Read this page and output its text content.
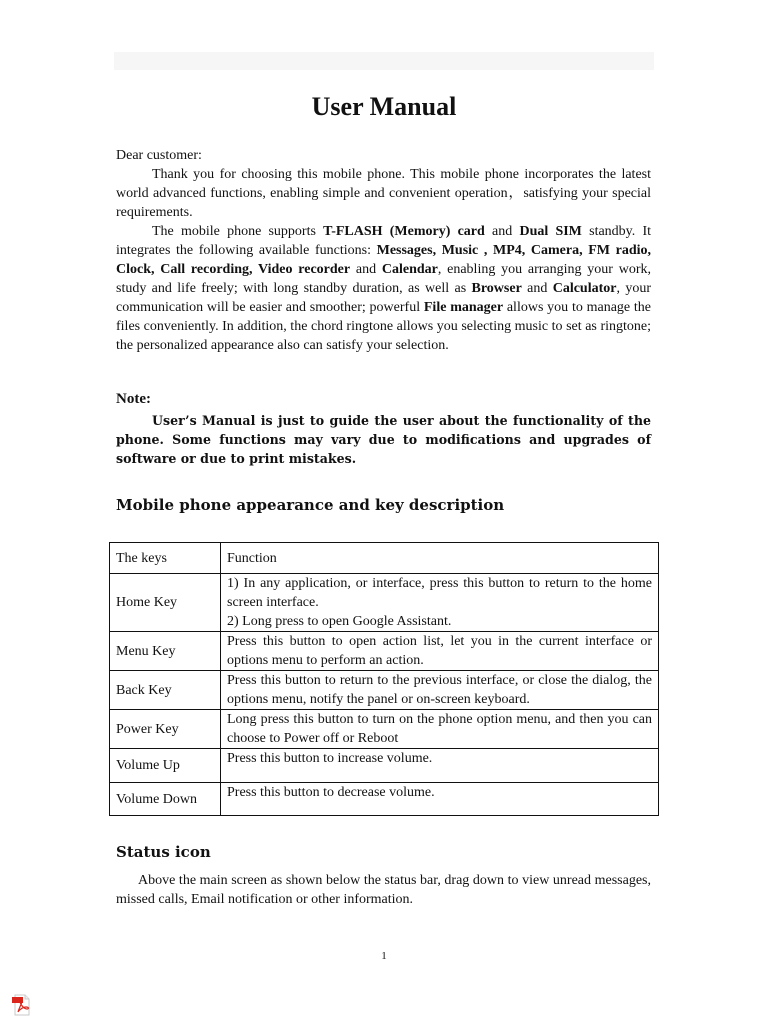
User Manual

Dear customer:

Thank you for choosing this mobile phone. This mobile phone incorporates the latest world advanced functions, enabling simple and convenient operation，satisfying your special requirements.

The mobile phone supports T-FLASH (Memory) card and Dual SIM standby. It integrates the following available functions: Messages, Music , MP4, Camera, FM radio, Clock, Call recording, Video recorder and Calendar, enabling you arranging your work, study and life freely; with long standby duration, as well as Browser and Calculator, your communication will be easier and smoother; powerful File manager allows you to manage the files conveniently. In addition, the chord ringtone allows you selecting music to set as ringtone; the personalized appearance also can satisfy your selection.

Note:

User’s Manual is just to guide the user about the functionality of the phone. Some functions may vary due to modifications and upgrades of software or due to print mistakes.

Mobile phone appearance and key description
The keys	Function
Home Key	1) In any application, or interface, press this button to return to the home screen interface.
2) Long press to open Google Assistant.

Menu Key	Press this button to open action list, let you in the current interface or options menu to perform an action.
Back Key	Press this button to return to the previous interface, or close the dialog, the options menu, notify the panel or on-screen keyboard.
Power Key	Long press this button to turn on the phone option menu, and then you can choose to Power off or Reboot
Volume Up	Press this button to increase volume.
Volume Down	Press this button to decrease volume.
Status icon

Above the main screen as shown below the status bar, drag down to view unread messages, missed calls, Email notification or other information.

1
